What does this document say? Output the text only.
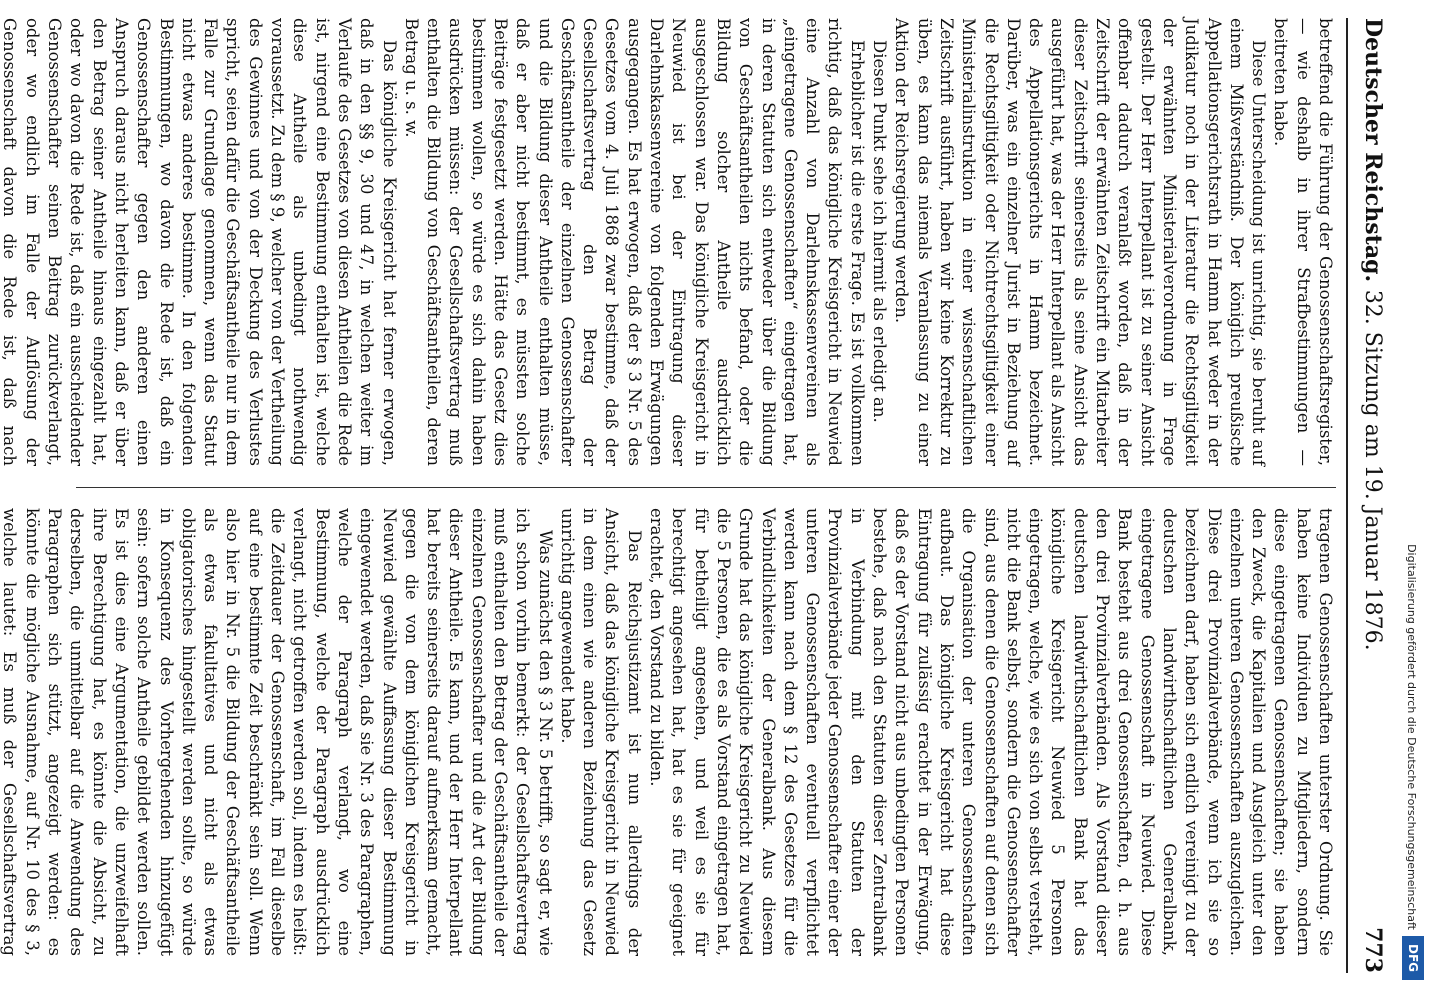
Deutscher Reichstag. 32. Sitzung am 19. Januar 1876.
773

betreffend die Führung der Genossenschaftsregister, — wie deshalb in ihrer Strafbestimmungen — beitreten habe.

Diese Unterscheidung ist unrichtig, sie beruht auf einem Mißverständniß. Der königlich preußische Appellationsgerichtsrath in Hamm hat weder in der Judikatur noch in der Literatur die Rechtsgiltigkeit der erwähnten Ministerialverordnung in Frage gestellt. Der Herr Interpellant ist zu seiner Ansicht offenbar dadurch veranlaßt worden, daß in der Zeitschrift der erwähnten Zeitschrift ein Mitarbeiter dieser Zeitschrift seinerseits als seine Ansicht das ausgeführt hat, was der Herr Interpellant als Ansicht des Appellationsgerichts in Hamm bezeichnet. Darüber, was ein einzelner Jurist in Beziehung auf die Rechtsgiltigkeit oder Nichtrechtsgiltigkeit einer Ministerialinstruktion in einer wissenschaftlichen Zeitschrift ausführt, haben wir keine Korrektur zu üben, es kann das niemals Veranlassung zu einer Aktion der Reichsregierung werden.

Diesen Punkt sehe ich hiermit als erledigt an.

Erheblicher ist die erste Frage. Es ist vollkommen richtig, daß das königliche Kreisgericht in Neuwied eine Anzahl von Darlehnskassenvereinen als „eingetragene Genossenschaften“ eingetragen hat, in deren Statuten sich entweder über die Bildung von Geschäftsantheilen nichts befand, oder die Bildung solcher Antheile ausdrücklich ausgeschlossen war. Das königliche Kreisgericht in Neuwied ist bei der Eintragung dieser Darlehnskassenvereine von folgenden Erwägungen ausgegangen. Es hat erwogen, daß der § 3 Nr. 5 des Gesetzes vom 4. Juli 1868 zwar bestimme, daß der Gesellschaftsvertrag den Betrag der Geschäftsantheile der einzelnen Genossenschafter und die Bildung dieser Antheile enthalten müsse, daß er aber nicht bestimmt, es müssten solche Beiträge festgesetzt werden. Hätte das Gesetz dies bestimmen wollen, so würde es sich dahin haben ausdrücken müssen: der Gesellschaftsvertrag muß enthalten die Bildung von Geschäftsantheilen, deren Betrag u. s. w.

Das königliche Kreisgericht hat ferner erwogen, daß in den §§ 9, 30 und 47, in welchen weiter im Verlaufe des Gesetzes von diesen Antheilen die Rede ist, nirgend eine Bestimmung enthalten ist, welche diese Antheile als unbedingt nothwendig voraussetzt. Zu dem § 9, welcher von der Vertheilung des Gewinnes und von der Deckung des Verlustes spricht, seien dafür die Geschäftsantheile nur in dem Falle zur Grundlage genommen, wenn das Statut nicht etwas anderes bestimme. In den folgenden Bestimmungen, wo davon die Rede ist, daß ein Genossenschafter gegen den anderen einen Anspruch daraus nicht herleiten kann, daß er über den Betrag seiner Antheile hinaus eingezahlt hat, oder wo davon die Rede ist, daß ein ausscheidender Genossenschafter seinen Beitrag zurückverlangt, oder wo endlich im Falle der Auflösung der Genossenschaft davon die Rede ist, daß nach

tragenen Genossenschaften unterster Ordnung. Sie haben keine Individuen zu Mitgliedern, sondern diese eingetragenen Genossenschaften; sie haben den Zweck, die Kapitalien und Ausgleich unter den einzelnen unteren Genossenschaften auszugleichen. Diese drei Provinzialverbände, wenn ich sie so bezeichnen darf, haben sich endlich vereinigt zu der deutschen landwirthschaftlichen Generalbank, eingetragene Genossenschaft in Neuwied. Diese Bank besteht aus drei Genossenschaften, d. h. aus den drei Provinzialverbänden. Als Vorstand dieser deutschen landwirthschaftlichen Bank hat das königliche Kreisgericht Neuwied 5 Personen eingetragen, welche, wie es sich von selbst versteht, nicht die Bank selbst, sondern die Genossenschafter sind, aus denen die Genossenschaften auf denen sich die Organisation der unteren Genossenschaften aufbaut. Das königliche Kreisgericht hat diese Eintragung für zulässig erachtet in der Erwägung, daß es der Vorstand nicht aus unbedingten Personen bestehe, daß nach den Statuten dieser Zentralbank in Verbindung mit den Statuten der Provinzialverbände jeder Genossenschafter einer der unteren Genossenschaften eventuell verpflichtet werden kann nach dem § 12 des Gesetzes für die Verbindlichkeiten der Generalbank. Aus diesem Grunde hat das königliche Kreisgericht zu Neuwied die 5 Personen, die es als Vorstand eingetragen hat, für betheiligt angesehen, und weil es sie für berechtigt angesehen hat, hat es sie für geeignet erachtet, den Vorstand zu bilden.

Das Reichsjustizamt ist nun allerdings der Ansicht, daß das königliche Kreisgericht in Neuwied in dem einen wie anderen Beziehung das Gesetz unrichtig angewendet habe.

Was zunächst den § 3 Nr. 5 betrifft, so sagt er, wie ich schon vorhin bemerkt: der Gesellschaftsvertrag muß enthalten den Betrag der Geschäftsantheile der einzelnen Genossenschafter und die Art der Bildung dieser Antheile. Es kann, und der Herr Interpellant hat bereits seinerseits darauf aufmerksam gemacht, gegen die von dem königlichen Kreisgericht in Neuwied gewählte Auffassung dieser Bestimmung eingewendet werden, daß sie Nr. 3 des Paragraphen, welche der Paragraph verlangt, wo eine Bestimmung, welche der Paragraph ausdrücklich verlangt, nicht getroffen werden soll, indem es heißt: die Zeitdauer der Genossenschaft, im Fall dieselbe auf eine bestimmte Zeit beschränkt sein soll. Wenn also hier in Nr. 5 die Bildung der Geschäftsantheile als etwas fakultatives und nicht als etwas obligatorisches hingestellt werden sollte, so würde in Konsequenz des Vorhergehenden hinzugefügt sein: sofern solche Antheile gebildet werden sollen. Es ist dies eine Argumentation, die unzweifelhaft ihre Berechtigung hat, es könnte die Absicht, zu derselben, die unmittelbar auf die Anwendung des Paragraphen sich stützt, angezeigt werden: es könnte die mögliche Ausnahme, auf Nr. 10 des § 3, welche lautet: Es muß der Gesellschaftsvertrag	Digitalisierung gefördert durch die Deutsche Forschungsgemeinschaft
DFG
